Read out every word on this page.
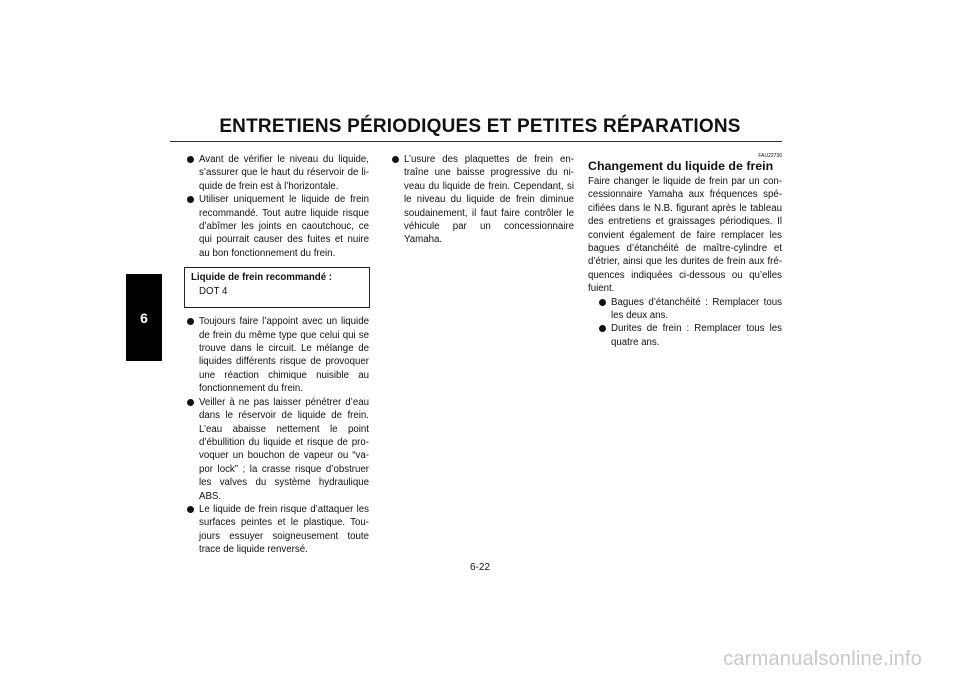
ENTRETIENS PÉRIODIQUES ET PETITES RÉPARATIONS
6
Avant de vérifier le niveau du liquide, s’assurer que le haut du réservoir de li-quide de frein est à l’horizontale.
Utiliser uniquement le liquide de frein recommandé. Tout autre liquide risque d’abîmer les joints en caoutchouc, ce qui pourrait causer des fuites et nuire au bon fonctionnement du frein.
Liquide de frein recommandé :
DOT 4
Toujours faire l’appoint avec un liquide de frein du même type que celui qui se trouve dans le circuit. Le mélange de liquides différents risque de provoquer une réaction chimique nuisible au fonctionnement du frein.
Veiller à ne pas laisser pénétrer d’eau dans le réservoir de liquide de frein. L’eau abaisse nettement le point d’ébullition du liquide et risque de pro-voquer un bouchon de vapeur ou “va-por lock” ; la crasse risque d’obstruer les valves du système hydraulique ABS.
Le liquide de frein risque d’attaquer les surfaces peintes et le plastique. Tou-jours essuyer soigneusement toute trace de liquide renversé.
L’usure des plaquettes de frein en-traîne une baisse progressive du ni-veau du liquide de frein. Cependant, si le niveau du liquide de frein diminue soudainement, il faut faire contrôler le véhicule par un concessionnaire Yamaha.
FAU22730
Changement du liquide de frein

Faire changer le liquide de frein par un con-cessionnaire Yamaha aux fréquences spé-cifiées dans le N.B. figurant après le tableau des entretiens et graissages périodiques. Il convient également de faire remplacer les bagues d’étanchéité de maître-cylindre et d’étrier, ainsi que les durites de frein aux fré-quences indiquées ci-dessous ou qu’elles fuient.

Bagues d’étanchéité : Remplacer tous les deux ans.
Durites de frein : Remplacer tous les quatre ans.
6-22
carmanualsonline.info
